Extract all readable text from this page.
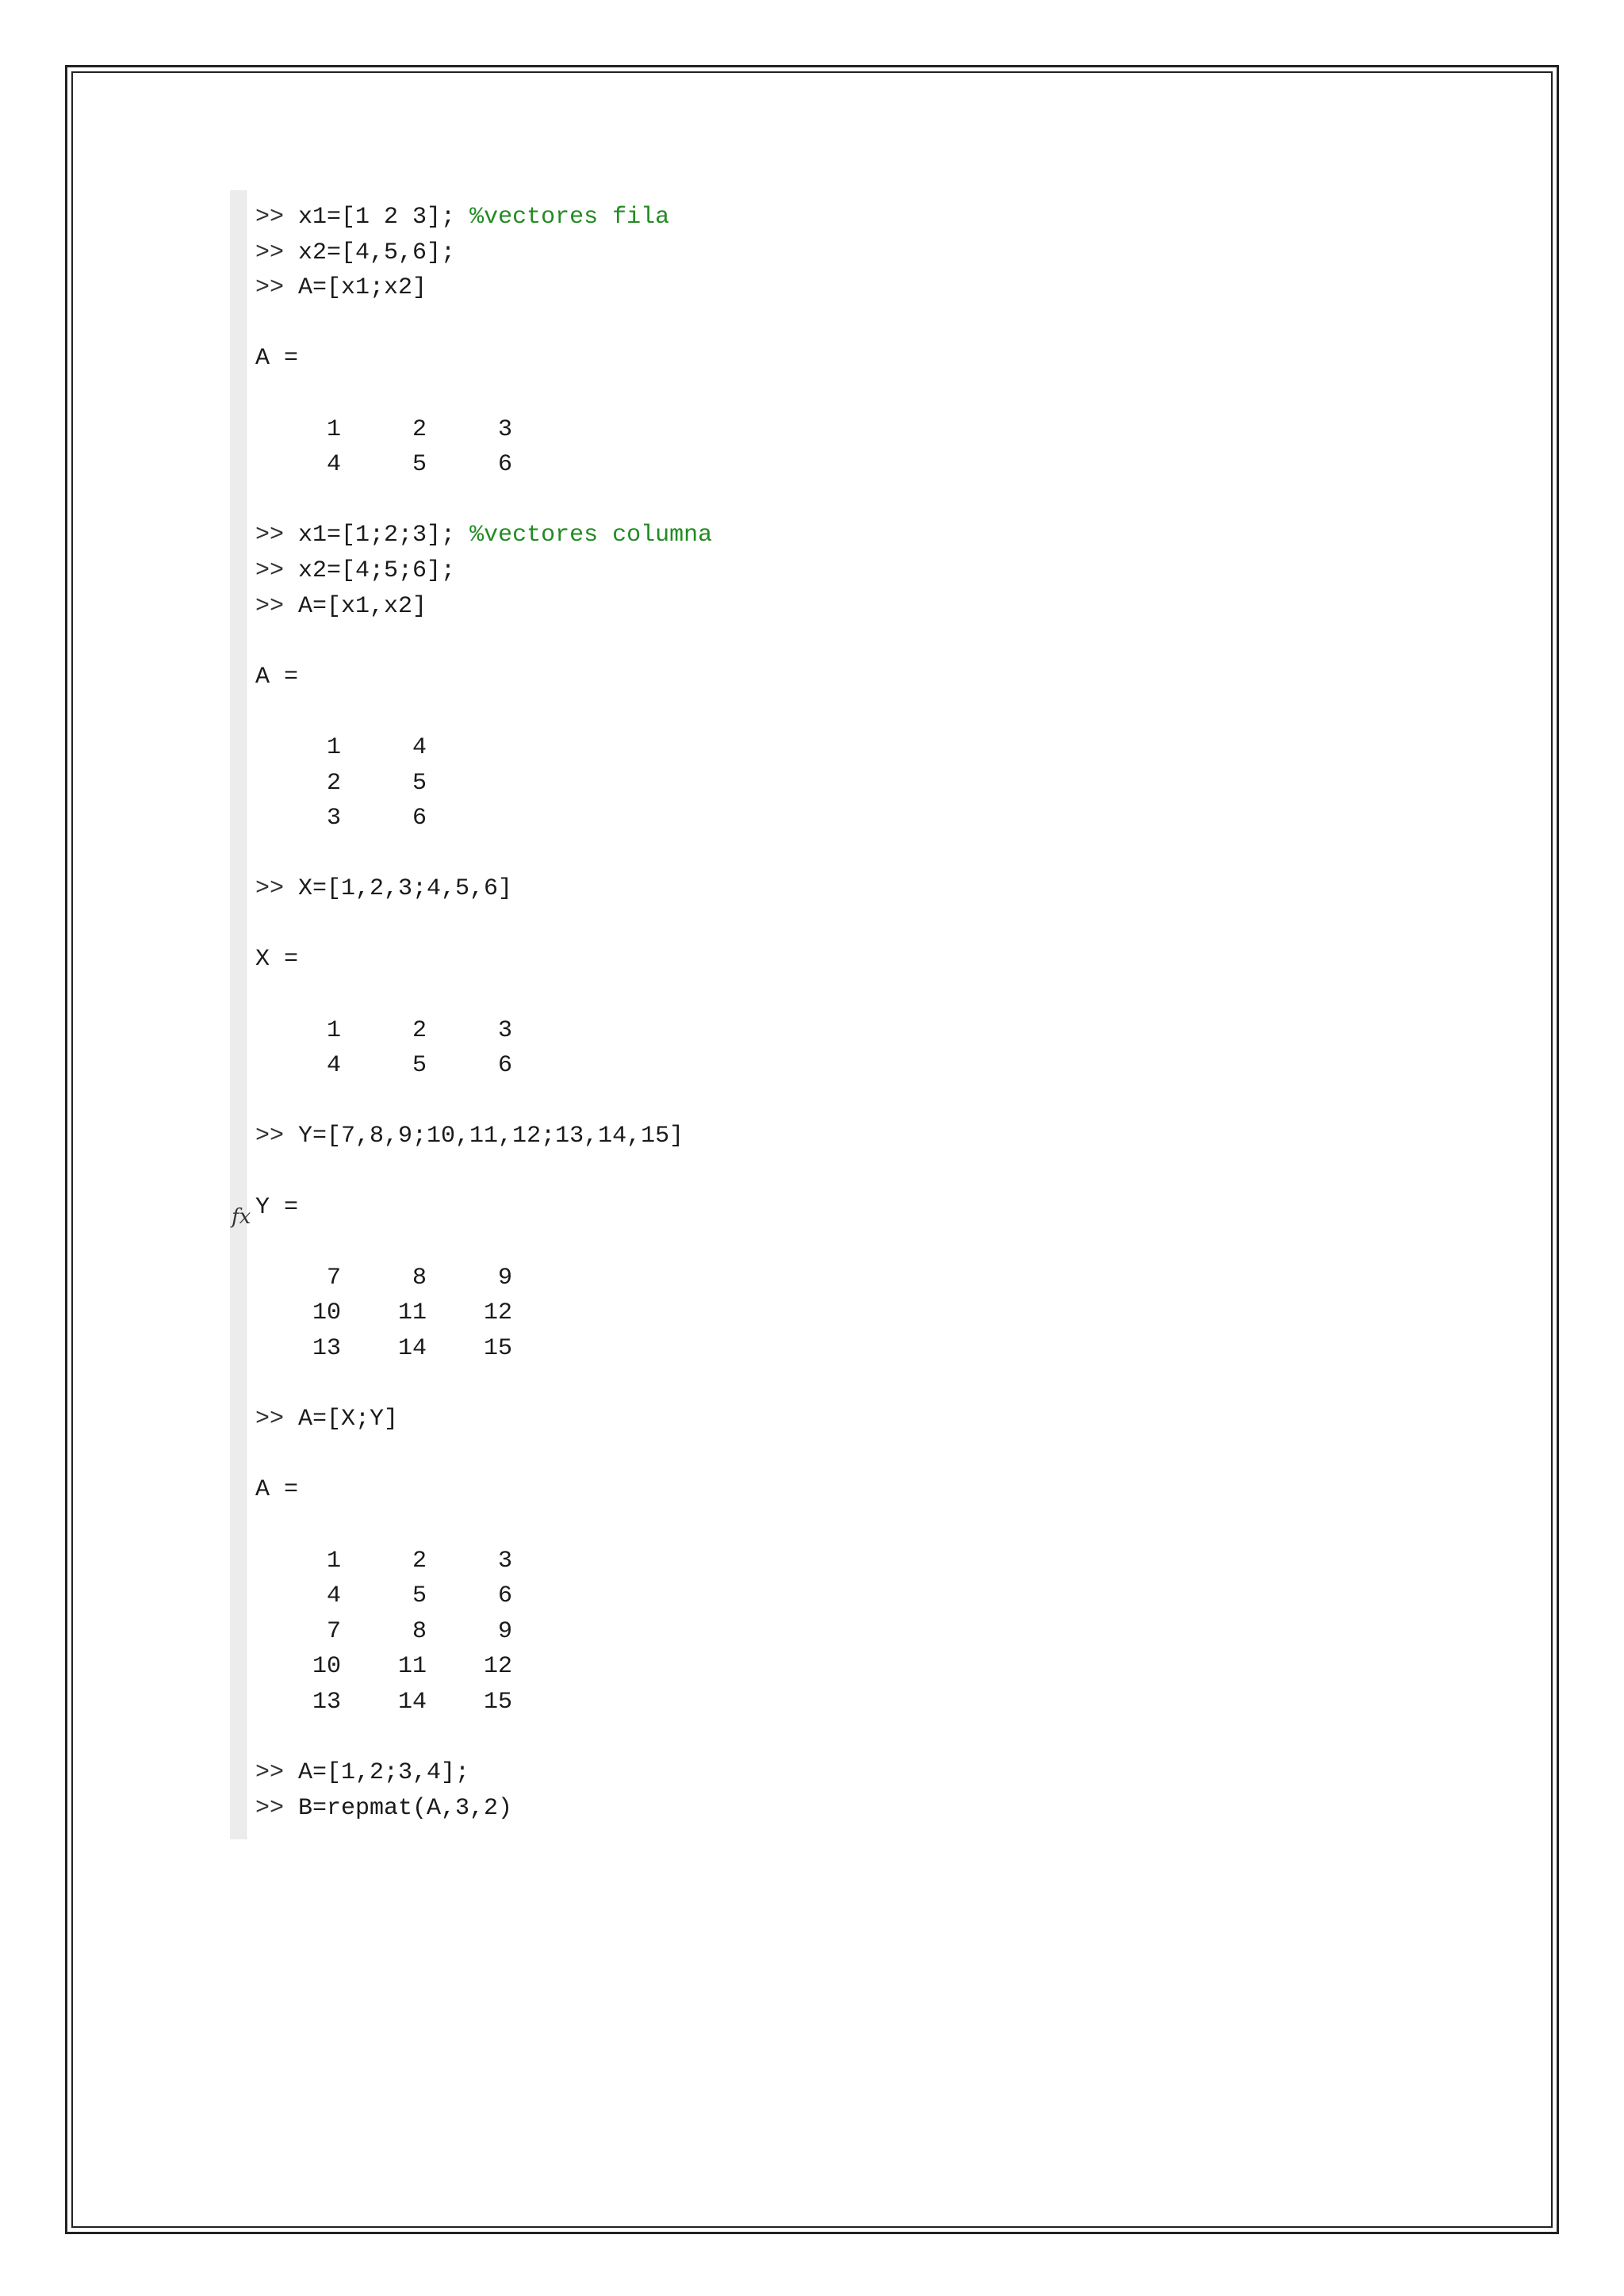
fx
>> x1=[1 2 3]; %vectores fila
>> x2=[4,5,6];
>> A=[x1;x2]
A =
1     2     3
4     5     6
>> x1=[1;2;3]; %vectores columna
>> x2=[4;5;6];
>> A=[x1,x2]
A =
1     4
2     5
3     6
>> X=[1,2,3;4,5,6]
X =
1     2     3
4     5     6
>> Y=[7,8,9;10,11,12;13,14,15]
Y =
7     8     9
10    11    12
13    14    15
>> A=[X;Y]
A =
1     2     3
4     5     6
7     8     9
10    11    12
13    14    15
>> A=[1,2;3,4];
>> B=repmat(A,3,2)
